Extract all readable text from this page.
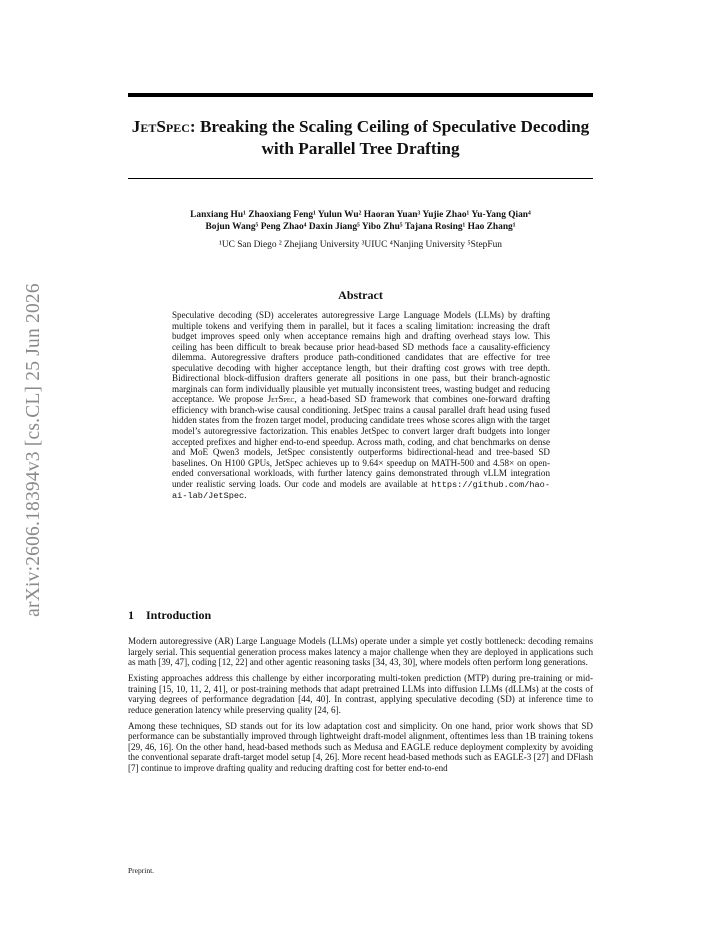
arXiv:2606.18394v3 [cs.CL] 25 Jun 2026
JetSpec: Breaking the Scaling Ceiling of Speculative Decoding with Parallel Tree Drafting
Lanxiang Hu¹ Zhaoxiang Feng¹ Yulun Wu² Haoran Yuan³ Yujie Zhao¹ Yu-Yang Qian⁴
Bojun Wang⁵ Peng Zhao⁴ Daxin Jiang⁵ Yibo Zhu⁵ Tajana Rosing¹ Hao Zhang¹
¹UC San Diego ² Zhejiang University ³UIUC ⁴Nanjing University ⁵StepFun
Abstract
Speculative decoding (SD) accelerates autoregressive Large Language Models (LLMs) by drafting multiple tokens and verifying them in parallel, but it faces a scaling limitation: increasing the draft budget improves speed only when acceptance remains high and drafting overhead stays low. This ceiling has been difficult to break because prior head-based SD methods face a causality-efficiency dilemma. Autoregressive drafters produce path-conditioned candidates that are effective for tree speculative decoding with higher acceptance length, but their drafting cost grows with tree depth. Bidirectional block-diffusion drafters generate all positions in one pass, but their branch-agnostic marginals can form individually plausible yet mutually inconsistent trees, wasting budget and reducing acceptance. We propose JetSpec, a head-based SD framework that combines one-forward drafting efficiency with branch-wise causal conditioning. JetSpec trains a causal parallel draft head using fused hidden states from the frozen target model, producing candidate trees whose scores align with the target model’s autoregressive factorization. This enables JetSpec to convert larger draft budgets into longer accepted prefixes and higher end-to-end speedup. Across math, coding, and chat benchmarks on dense and MoE Qwen3 models, JetSpec consistently outperforms bidirectional-head and tree-based SD baselines. On H100 GPUs, JetSpec achieves up to 9.64× speedup on MATH-500 and 4.58× on open-ended conversational workloads, with further latency gains demonstrated through vLLM integration under realistic serving loads. Our code and models are available at https://github.com/hao-ai-lab/JetSpec.
1 Introduction

Modern autoregressive (AR) Large Language Models (LLMs) operate under a simple yet costly bottleneck: decoding remains largely serial. This sequential generation process makes latency a major challenge when they are deployed in applications such as math [39, 47], coding [12, 22] and other agentic reasoning tasks [34, 43, 30], where models often perform long generations.

Existing approaches address this challenge by either incorporating multi-token prediction (MTP) during pre-training or mid-training [15, 10, 11, 2, 41], or post-training methods that adapt pretrained LLMs into diffusion LLMs (dLLMs) at the costs of varying degrees of performance degradation [44, 40]. In contrast, applying speculative decoding (SD) at inference time to reduce generation latency while preserving quality [24, 6].

Among these techniques, SD stands out for its low adaptation cost and simplicity. On one hand, prior work shows that SD performance can be substantially improved through lightweight draft-model alignment, oftentimes less than 1B training tokens [29, 46, 16]. On the other hand, head-based methods such as Medusa and EAGLE reduce deployment complexity by avoiding the conventional separate draft-target model setup [4, 26]. More recent head-based methods such as EAGLE-3 [27] and DFlash [7] continue to improve drafting quality and reducing drafting cost for better end-to-end

Preprint.
